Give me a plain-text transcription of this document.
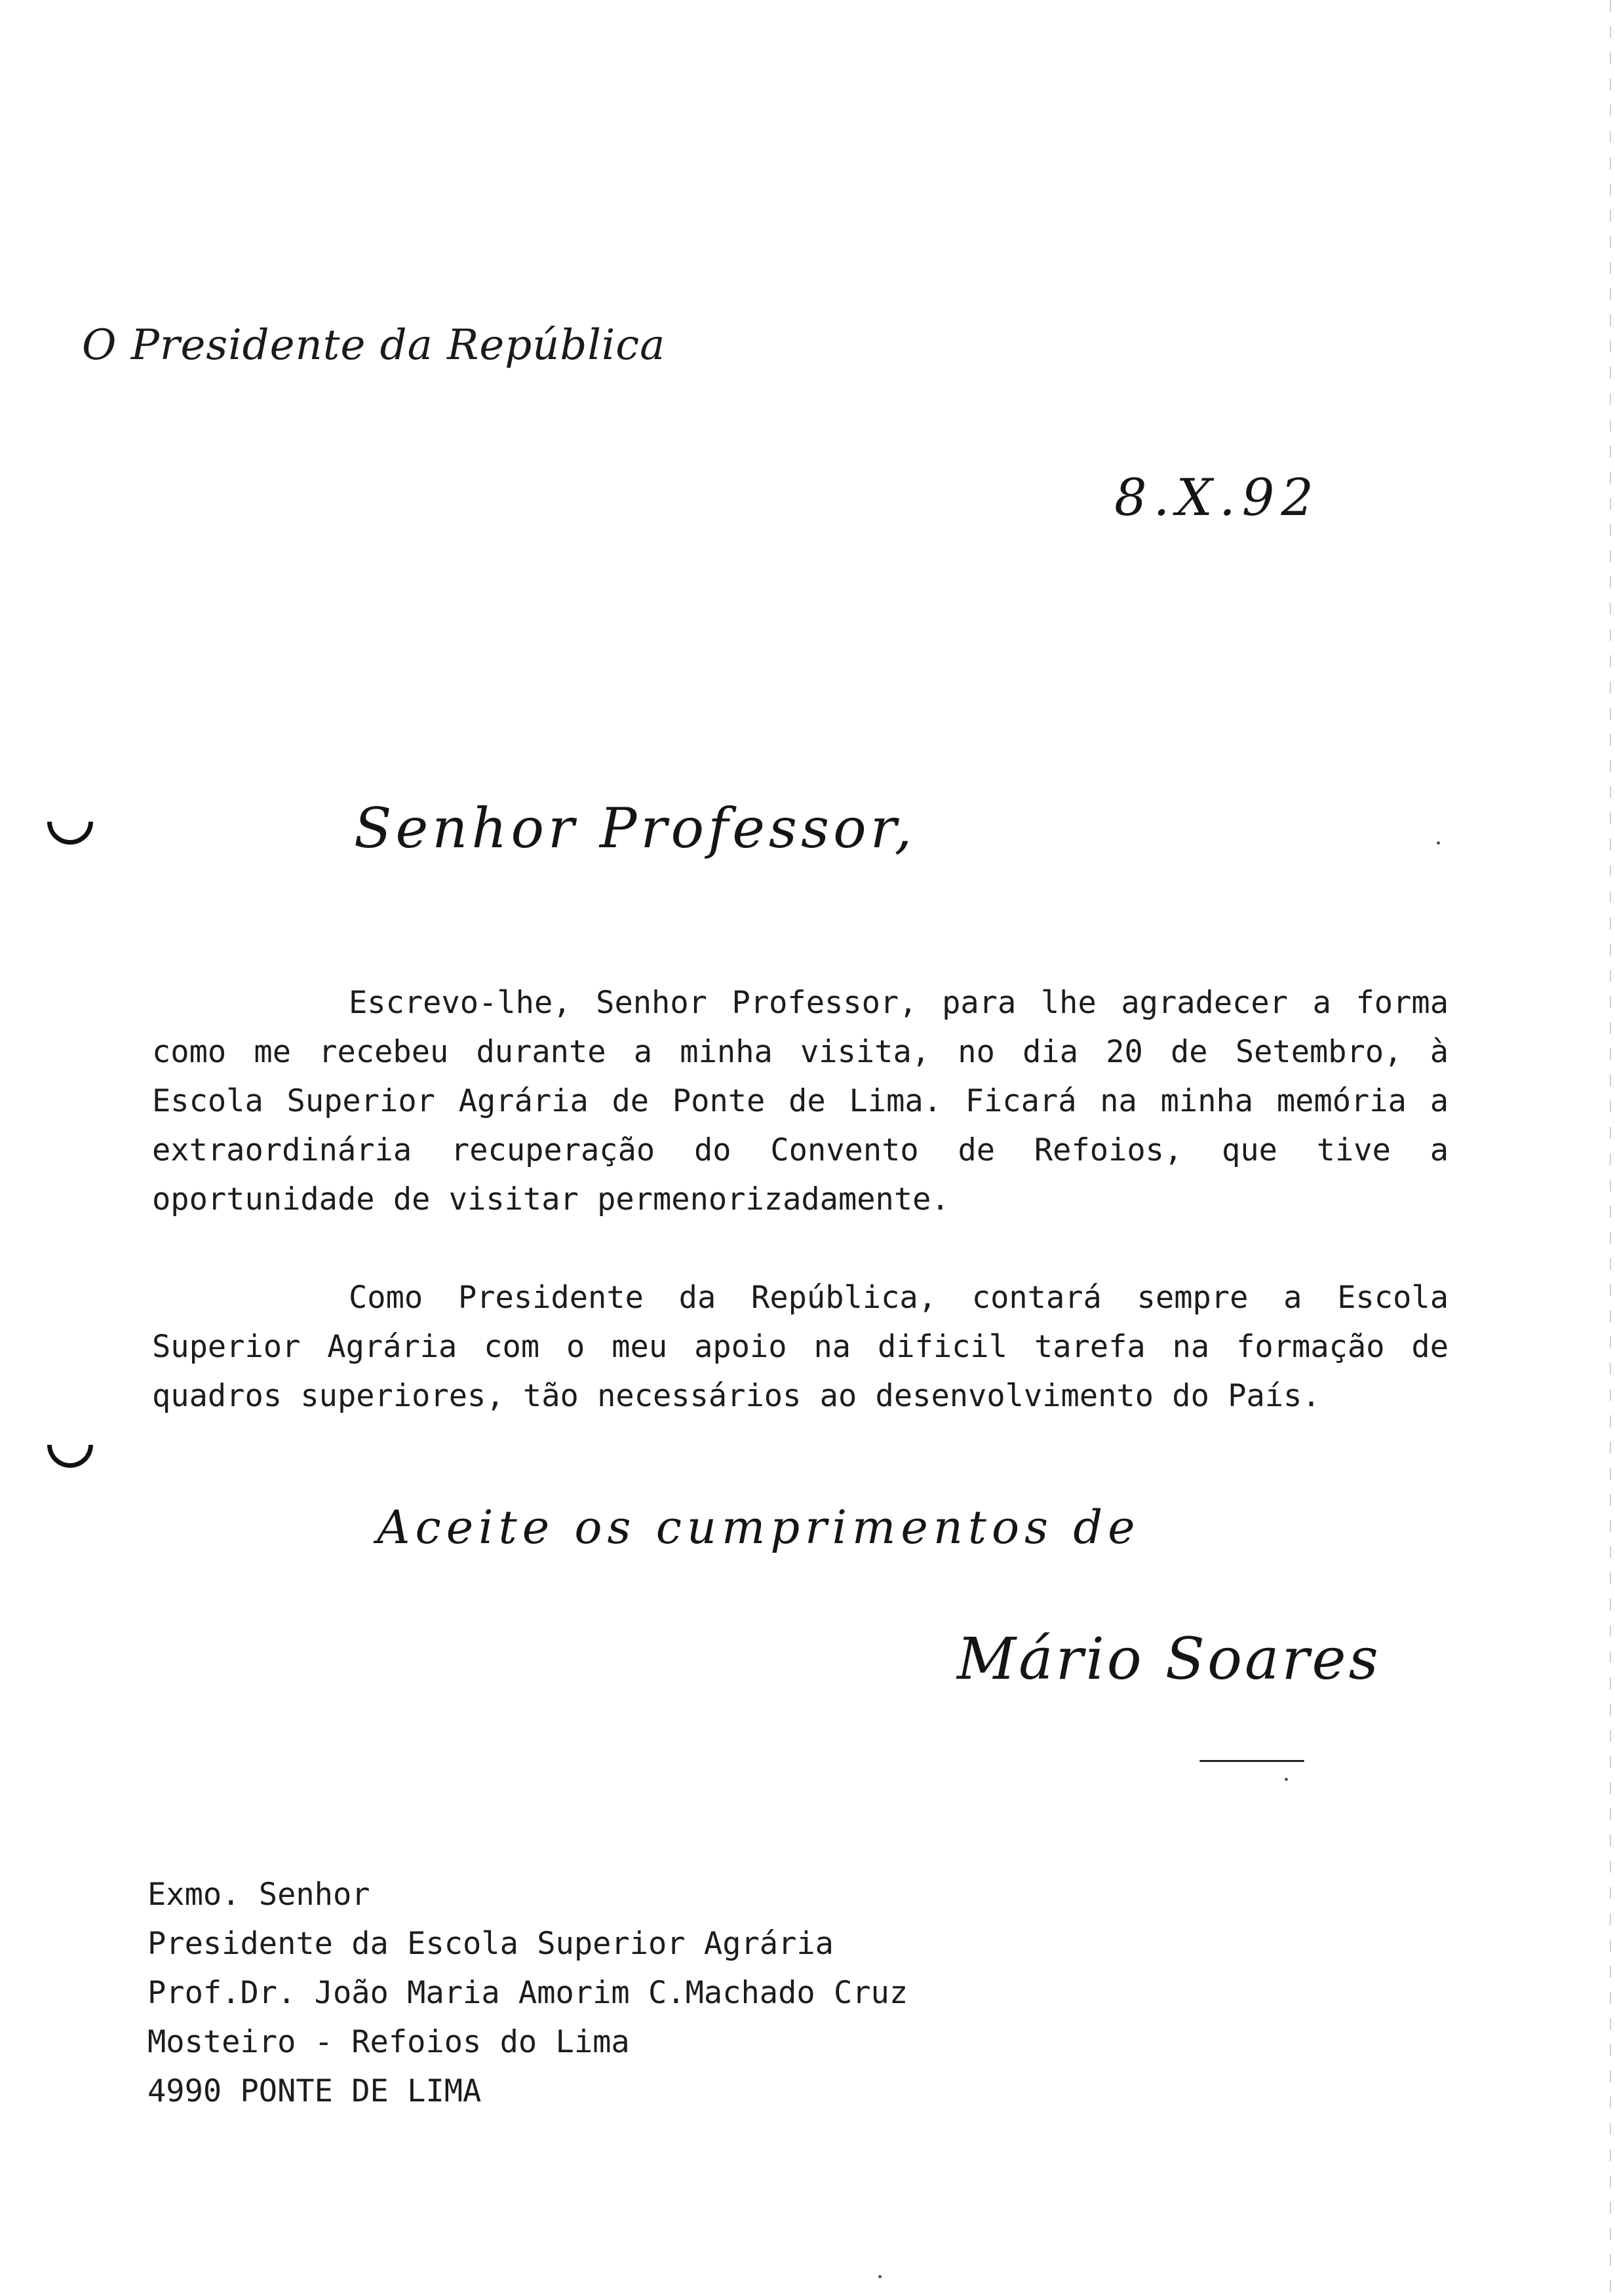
O Presidente da República
8.X.92
Senhor Professor,

Escrevo-lhe, Senhor Professor, para lhe agradecer a forma como me recebeu durante a minha visita, no dia 20 de Setembro, à Escola Superior Agrária de Ponte de Lima. Ficará na minha memória a extraordinária recuperação do Convento de Refoios, que tive a oportunidade de visitar permenorizadamente.

Como Presidente da República, contará sempre a Escola Superior Agrária com o meu apoio na dificil tarefa na formação de quadros superiores, tão necessários ao desenvolvimento do País.

Aceite os cumprimentos de
Mário Soares
Exmo. Senhor
Presidente da Escola Superior Agrária
Prof.Dr. João Maria Amorim C.Machado Cruz
Mosteiro - Refoios do Lima
4990 PONTE DE LIMA
